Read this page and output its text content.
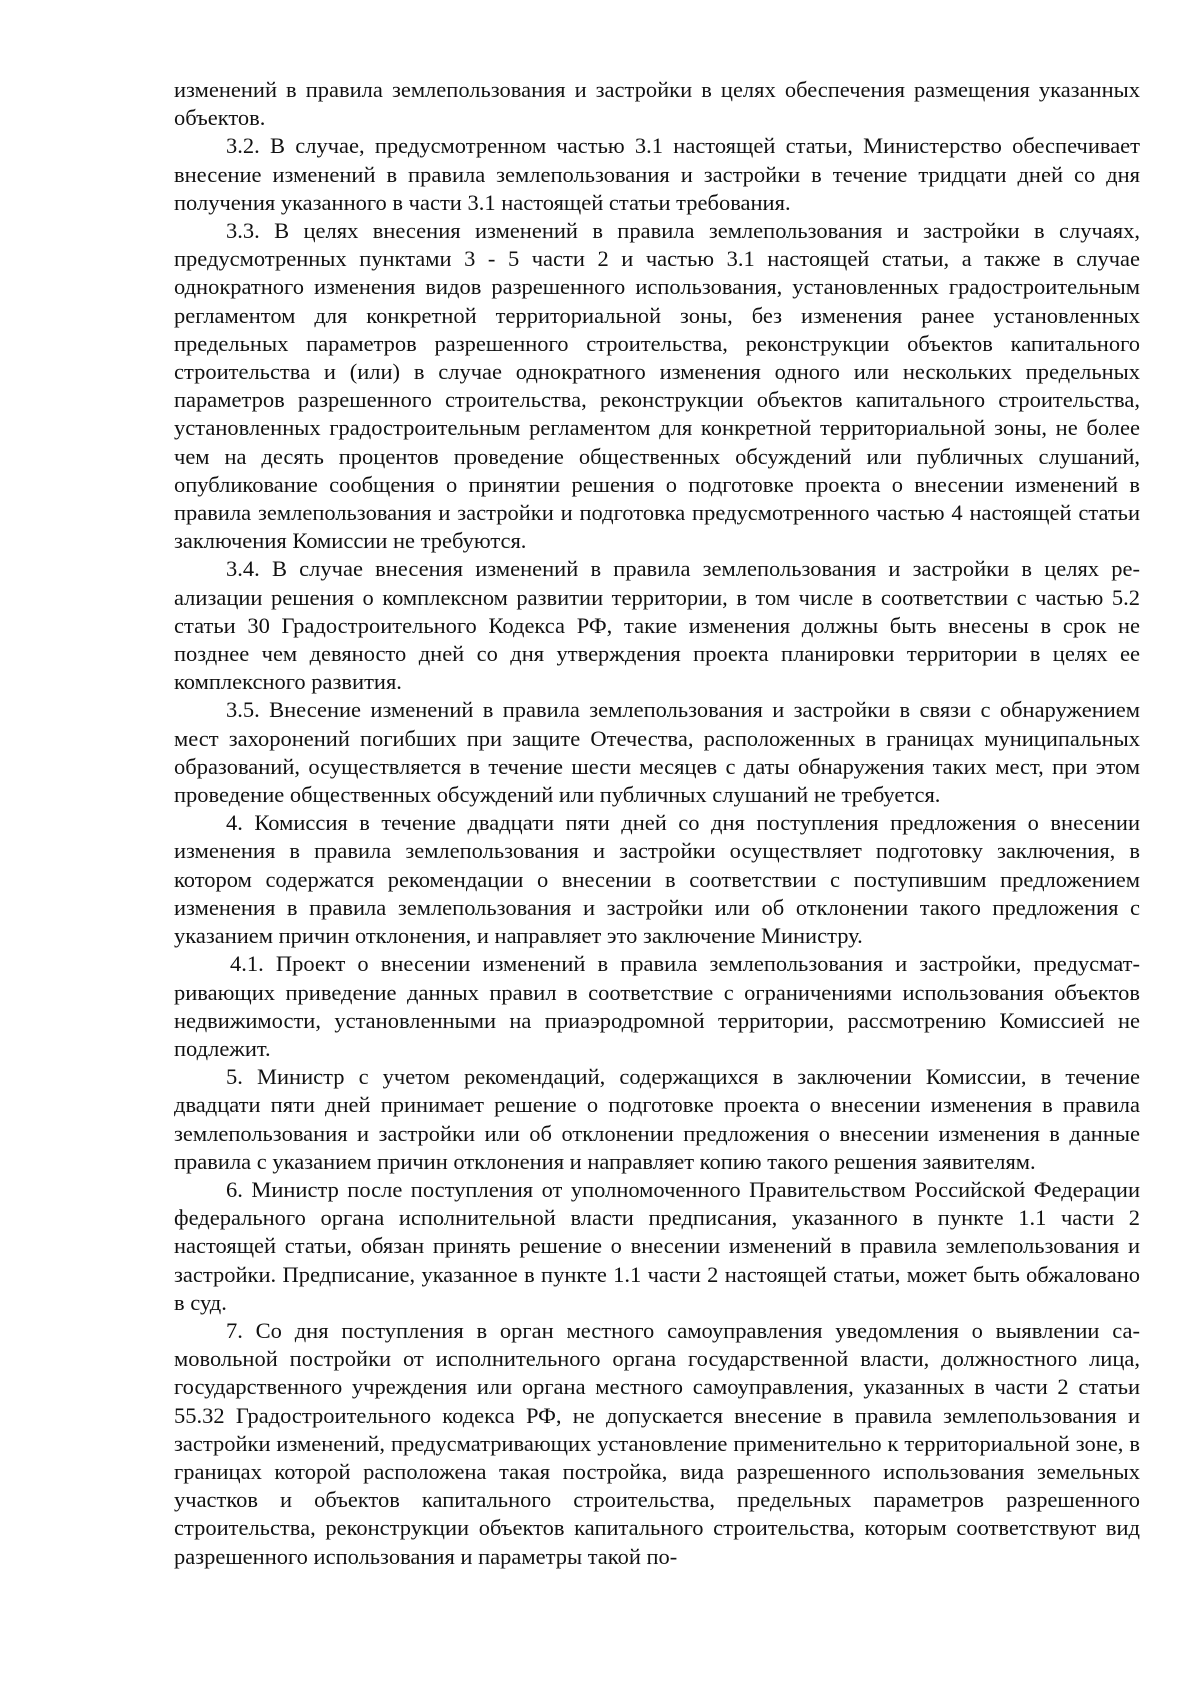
изменений в правила землепользования и застройки в целях обеспечения размещения указанных объектов.

3.2. В случае, предусмотренном частью 3.1 настоящей статьи, Министерство обеспечивает внесение изменений в правила землепользования и застройки в течение тридцати дней со дня получения указанного в части 3.1 настоящей статьи требования.

3.3. В целях внесения изменений в правила землепользования и застройки в случаях, предусмотренных пунктами 3 - 5 части 2 и частью 3.1 настоящей статьи, а также в случае однократного изменения видов разрешенного использования, установленных градостроительным регламентом для конкретной территориальной зоны, без изменения ранее установленных предельных параметров разрешенного строительства, реконструкции объектов капитального строительства и (или) в случае однократного изменения одного или нескольких предельных параметров разрешенного строительства, реконструкции объектов капитального строительства, установленных градостроительным регламентом для конкретной территориальной зоны, не более чем на десять процентов проведение общественных обсуждений или публичных слушаний, опубликование сообщения о принятии решения о подготовке проекта о внесении изменений в правила землепользования и застройки и подготовка предусмотренного частью 4 настоящей статьи заключения Комиссии не требуются.

3.4. В случае внесения изменений в правила землепользования и застройки в целях реализации решения о комплексном развитии территории, в том числе в соответствии с частью 5.2 статьи 30 Градостроительного Кодекса РФ, такие изменения должны быть внесены в срок не позднее чем девяносто дней со дня утверждения проекта планировки территории в целях ее комплексного развития.

3.5. Внесение изменений в правила землепользования и застройки в связи с обнаружением мест захоронений погибших при защите Отечества, расположенных в границах муниципальных образований, осуществляется в течение шести месяцев с даты обнаружения таких мест, при этом проведение общественных обсуждений или публичных слушаний не требуется.

4. Комиссия в течение двадцати пяти дней со дня поступления предложения о внесении изменения в правила землепользования и застройки осуществляет подготовку заключения, в котором содержатся рекомендации о внесении в соответствии с поступившим предложением изменения в правила землепользования и застройки или об отклонении такого предложения с указанием причин отклонения, и направляет это заключение Министру.

4.1. Проект о внесении изменений в правила землепользования и застройки, предусматривающих приведение данных правил в соответствие с ограничениями использования объектов недвижимости, установленными на приаэродромной территории, рассмотрению Комиссией не подлежит.

5. Министр с учетом рекомендаций, содержащихся в заключении Комиссии, в течение двадцати пяти дней принимает решение о подготовке проекта о внесении изменения в правила землепользования и застройки или об отклонении предложения о внесении изменения в данные правила с указанием причин отклонения и направляет копию такого решения заявителям.

6. Министр после поступления от уполномоченного Правительством Российской Федерации федерального органа исполнительной власти предписания, указанного в пункте 1.1 части 2 настоящей статьи, обязан принять решение о внесении изменений в правила землепользования и застройки. Предписание, указанное в пункте 1.1 части 2 настоящей статьи, может быть обжаловано в суд.

7. Со дня поступления в орган местного самоуправления уведомления о выявлении самовольной постройки от исполнительного органа государственной власти, должностного лица, государственного учреждения или органа местного самоуправления, указанных в части 2 статьи 55.32 Градостроительного кодекса РФ, не допускается внесение в правила землепользования и застройки изменений, предусматривающих установление применительно к территориальной зоне, в границах которой расположена такая постройка, вида разрешенного использования земельных участков и объектов капитального строительства, предельных параметров разрешенного строительства, реконструкции объектов капитального строительства, которым соответствуют вид разрешенного использования и параметры такой по-
